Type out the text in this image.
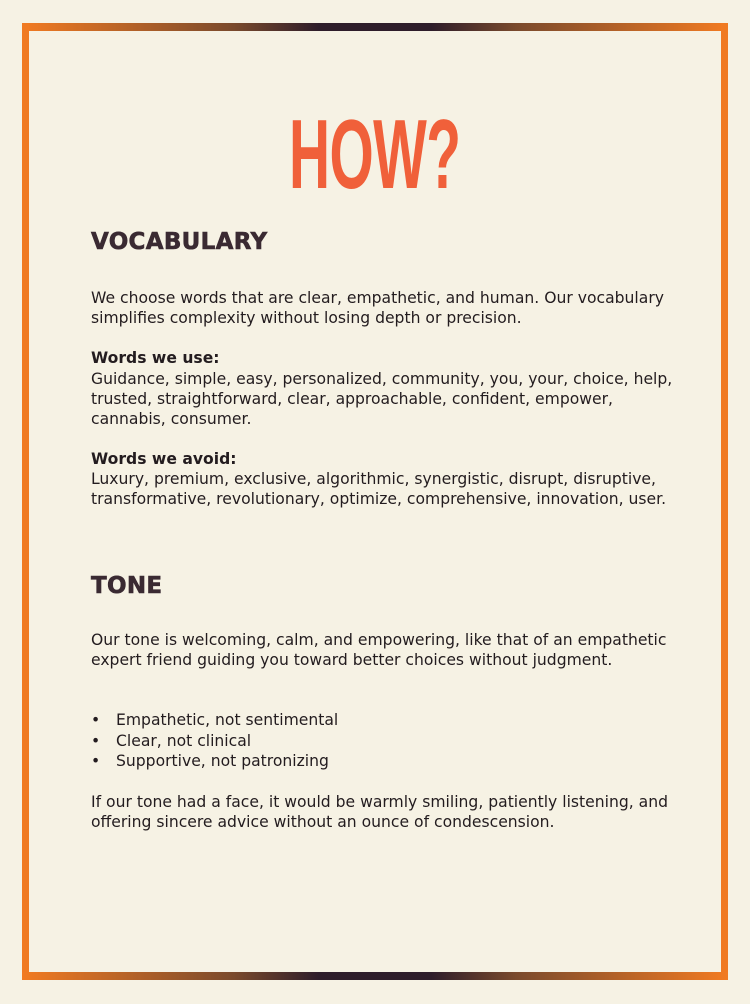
HOW?
VOCABULARY

We choose words that are clear, empathetic, and human. Our vocabulary simplifies complexity without losing depth or precision.

Words we use:

Guidance, simple, easy, personalized, community, you, your, choice, help, trusted, straightforward, clear, approachable, confident, empower, cannabis, consumer.

Words we avoid:

Luxury, premium, exclusive, algorithmic, synergistic, disrupt, disruptive, transformative, revolutionary, optimize, comprehensive, innovation, user.

TONE

Our tone is welcoming, calm, and empowering, like that of an empathetic expert friend guiding you toward better choices without judgment.

• Empathetic, not sentimental
• Clear, not clinical
• Supportive, not patronizing

If our tone had a face, it would be warmly smiling, patiently listening, and offering sincere advice without an ounce of condescension.
